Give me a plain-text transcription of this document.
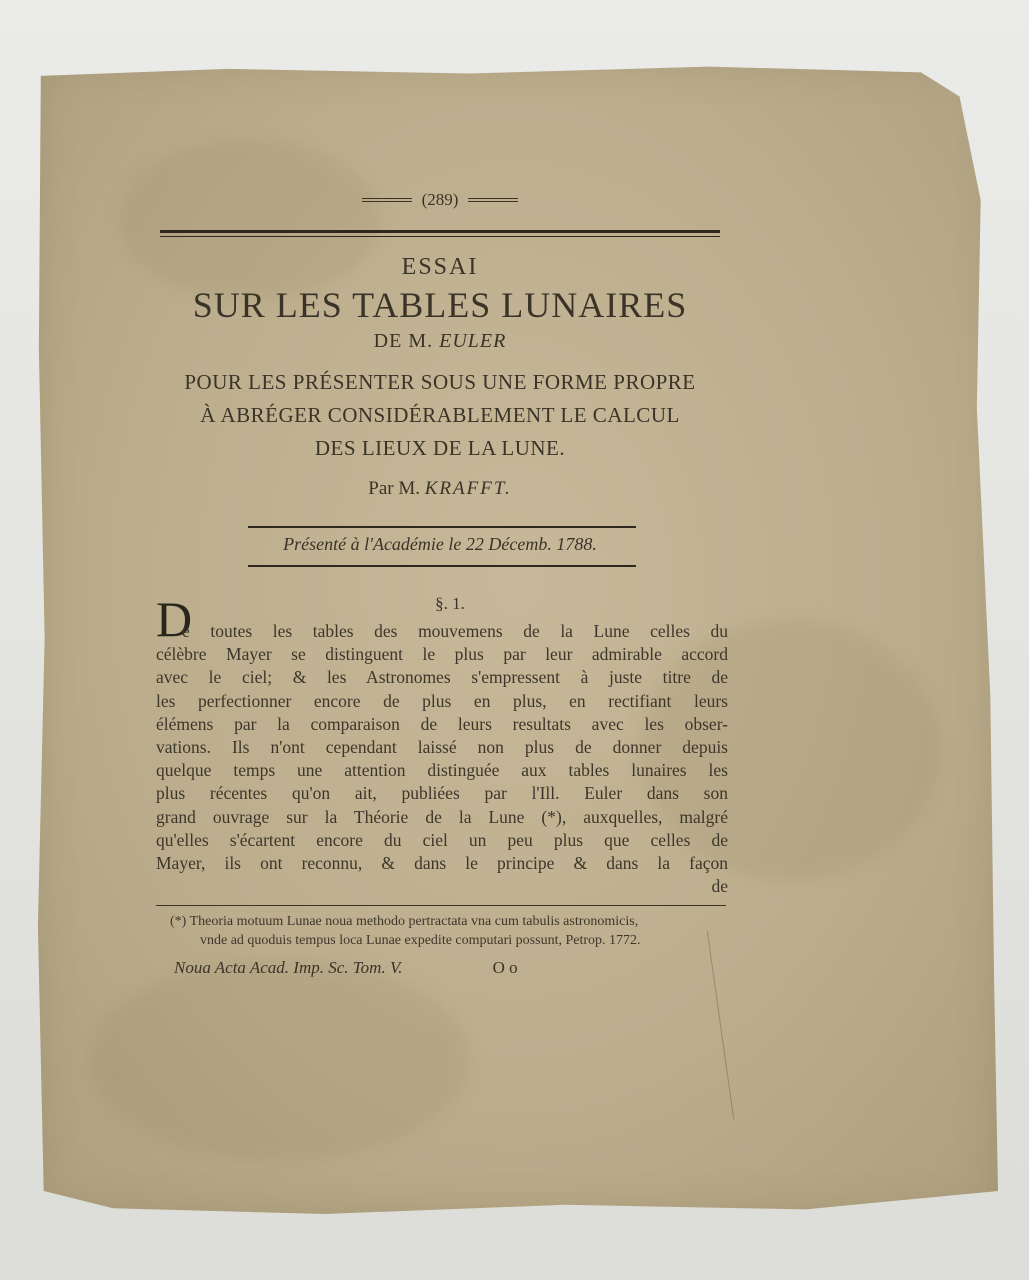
(289)
ESSAI
SUR LES TABLES LUNAIRES
DE M. EULER
POUR LES PRÉSENTER SOUS UNE FORME PROPRE
À ABRÉGER CONSIDÉRABLEMENT LE CALCUL
DES LIEUX DE LA LUNE.
Par M. KRAFFT.
Présenté à l'Académie le 22 Décemb. 1788.
§. 1.
D
e toutes les tables des mouvemens de la Lune celles du
célèbre Mayer se distinguent le plus par leur admirable accord
avec le ciel; & les Astronomes s'empressent à juste titre de
les perfectionner encore de plus en plus, en rectifiant leurs
élémens par la comparaison de leurs resultats avec les obser-
vations. Ils n'ont cependant laissé non plus de donner depuis
quelque temps une attention distinguée aux tables lunaires les
plus récentes qu'on ait, publiées par l'Ill. Euler dans son
grand ouvrage sur la Théorie de la Lune (*), auxquelles, malgré
qu'elles s'écartent encore du ciel un peu plus que celles de
Mayer, ils ont reconnu, & dans le principe & dans la façon
de
(*) Theoria motuum Lunae noua methodo pertractata vna cum tabulis astronomicis,
vnde ad quoduis tempus loca Lunae expedite computari possunt, Petrop. 1772.
Noua Acta Acad. Imp. Sc. Tom. V.	O o
